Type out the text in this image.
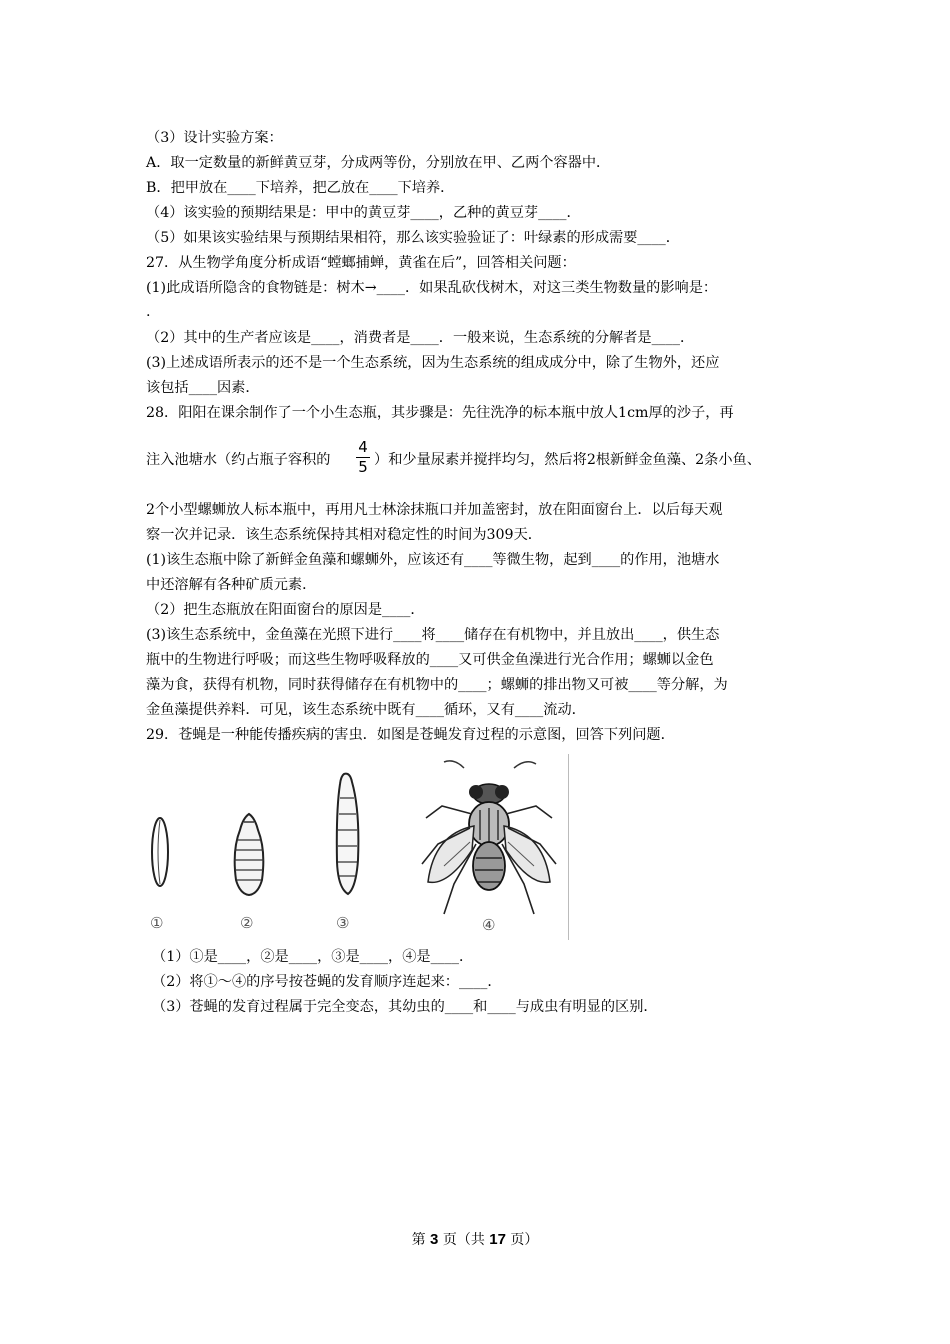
（3）设计实验方案：
A．取一定数量的新鲜黄豆芽，分成两等份，分别放在甲、乙两个容器中．
B．把甲放在____下培养，把乙放在____下培养．
（4）该实验的预期结果是：甲中的黄豆芽____，乙种的黄豆芽____．
（5）如果该实验结果与预期结果相符，那么该实验验证了：叶绿素的形成需要____．
27．从生物学角度分析成语“螳螂捕蝉，黄雀在后”，回答相关问题：
(1)此成语所隐含的食物链是：树木→____．如果乱砍伐树木，对这三类生物数量的影响是：
.
（2）其中的生产者应该是____，消费者是____．一般来说，生态系统的分解者是____．
(3)上述成语所表示的还不是一个生态系统，因为生态系统的组成成分中，除了生物外，还应
该包括____因素．
28．阳阳在课余制作了一个小生态瓶，其步骤是：先往洗净的标本瓶中放人1cm厚的沙子，再
注入池塘水（约占瓶子容积的
4
5 ）和少量尿素并搅拌均匀，然后将2根新鲜金鱼藻、2条小鱼、
2个小型螺蛳放人标本瓶中，再用凡士林涂抹瓶口并加盖密封，放在阳面窗台上．以后每天观
察一次并记录．该生态系统保持其相对稳定性的时间为309天．
(1)该生态瓶中除了新鲜金鱼藻和螺蛳外，应该还有____等微生物，起到____的作用，池塘水
中还溶解有各种矿质元素．
（2）把生态瓶放在阳面窗台的原因是____．
(3)该生态系统中，金鱼藻在光照下进行____将____储存在有机物中，并且放出____，供生态
瓶中的生物进行呼吸；而这些生物呼吸释放的____又可供金鱼澡进行光合作用；螺蛳以金色
藻为食，获得有机物，同时获得储存在有机物中的____；螺蛳的排出物又可被____等分解，为
金鱼藻提供养料．可见，该生态系统中既有____循环，又有____流动．
29．苍蝇是一种能传播疾病的害虫．如图是苍蝇发育过程的示意图，回答下列问题．
①	②	③	④
（1）①是____，②是____，③是____，④是____．
（2）将①～④的序号按苍蝇的发育顺序连起来：____．
（3）苍蝇的发育过程属于完全变态，其幼虫的____和____与成虫有明显的区别．
第 3 页（共 17 页）
